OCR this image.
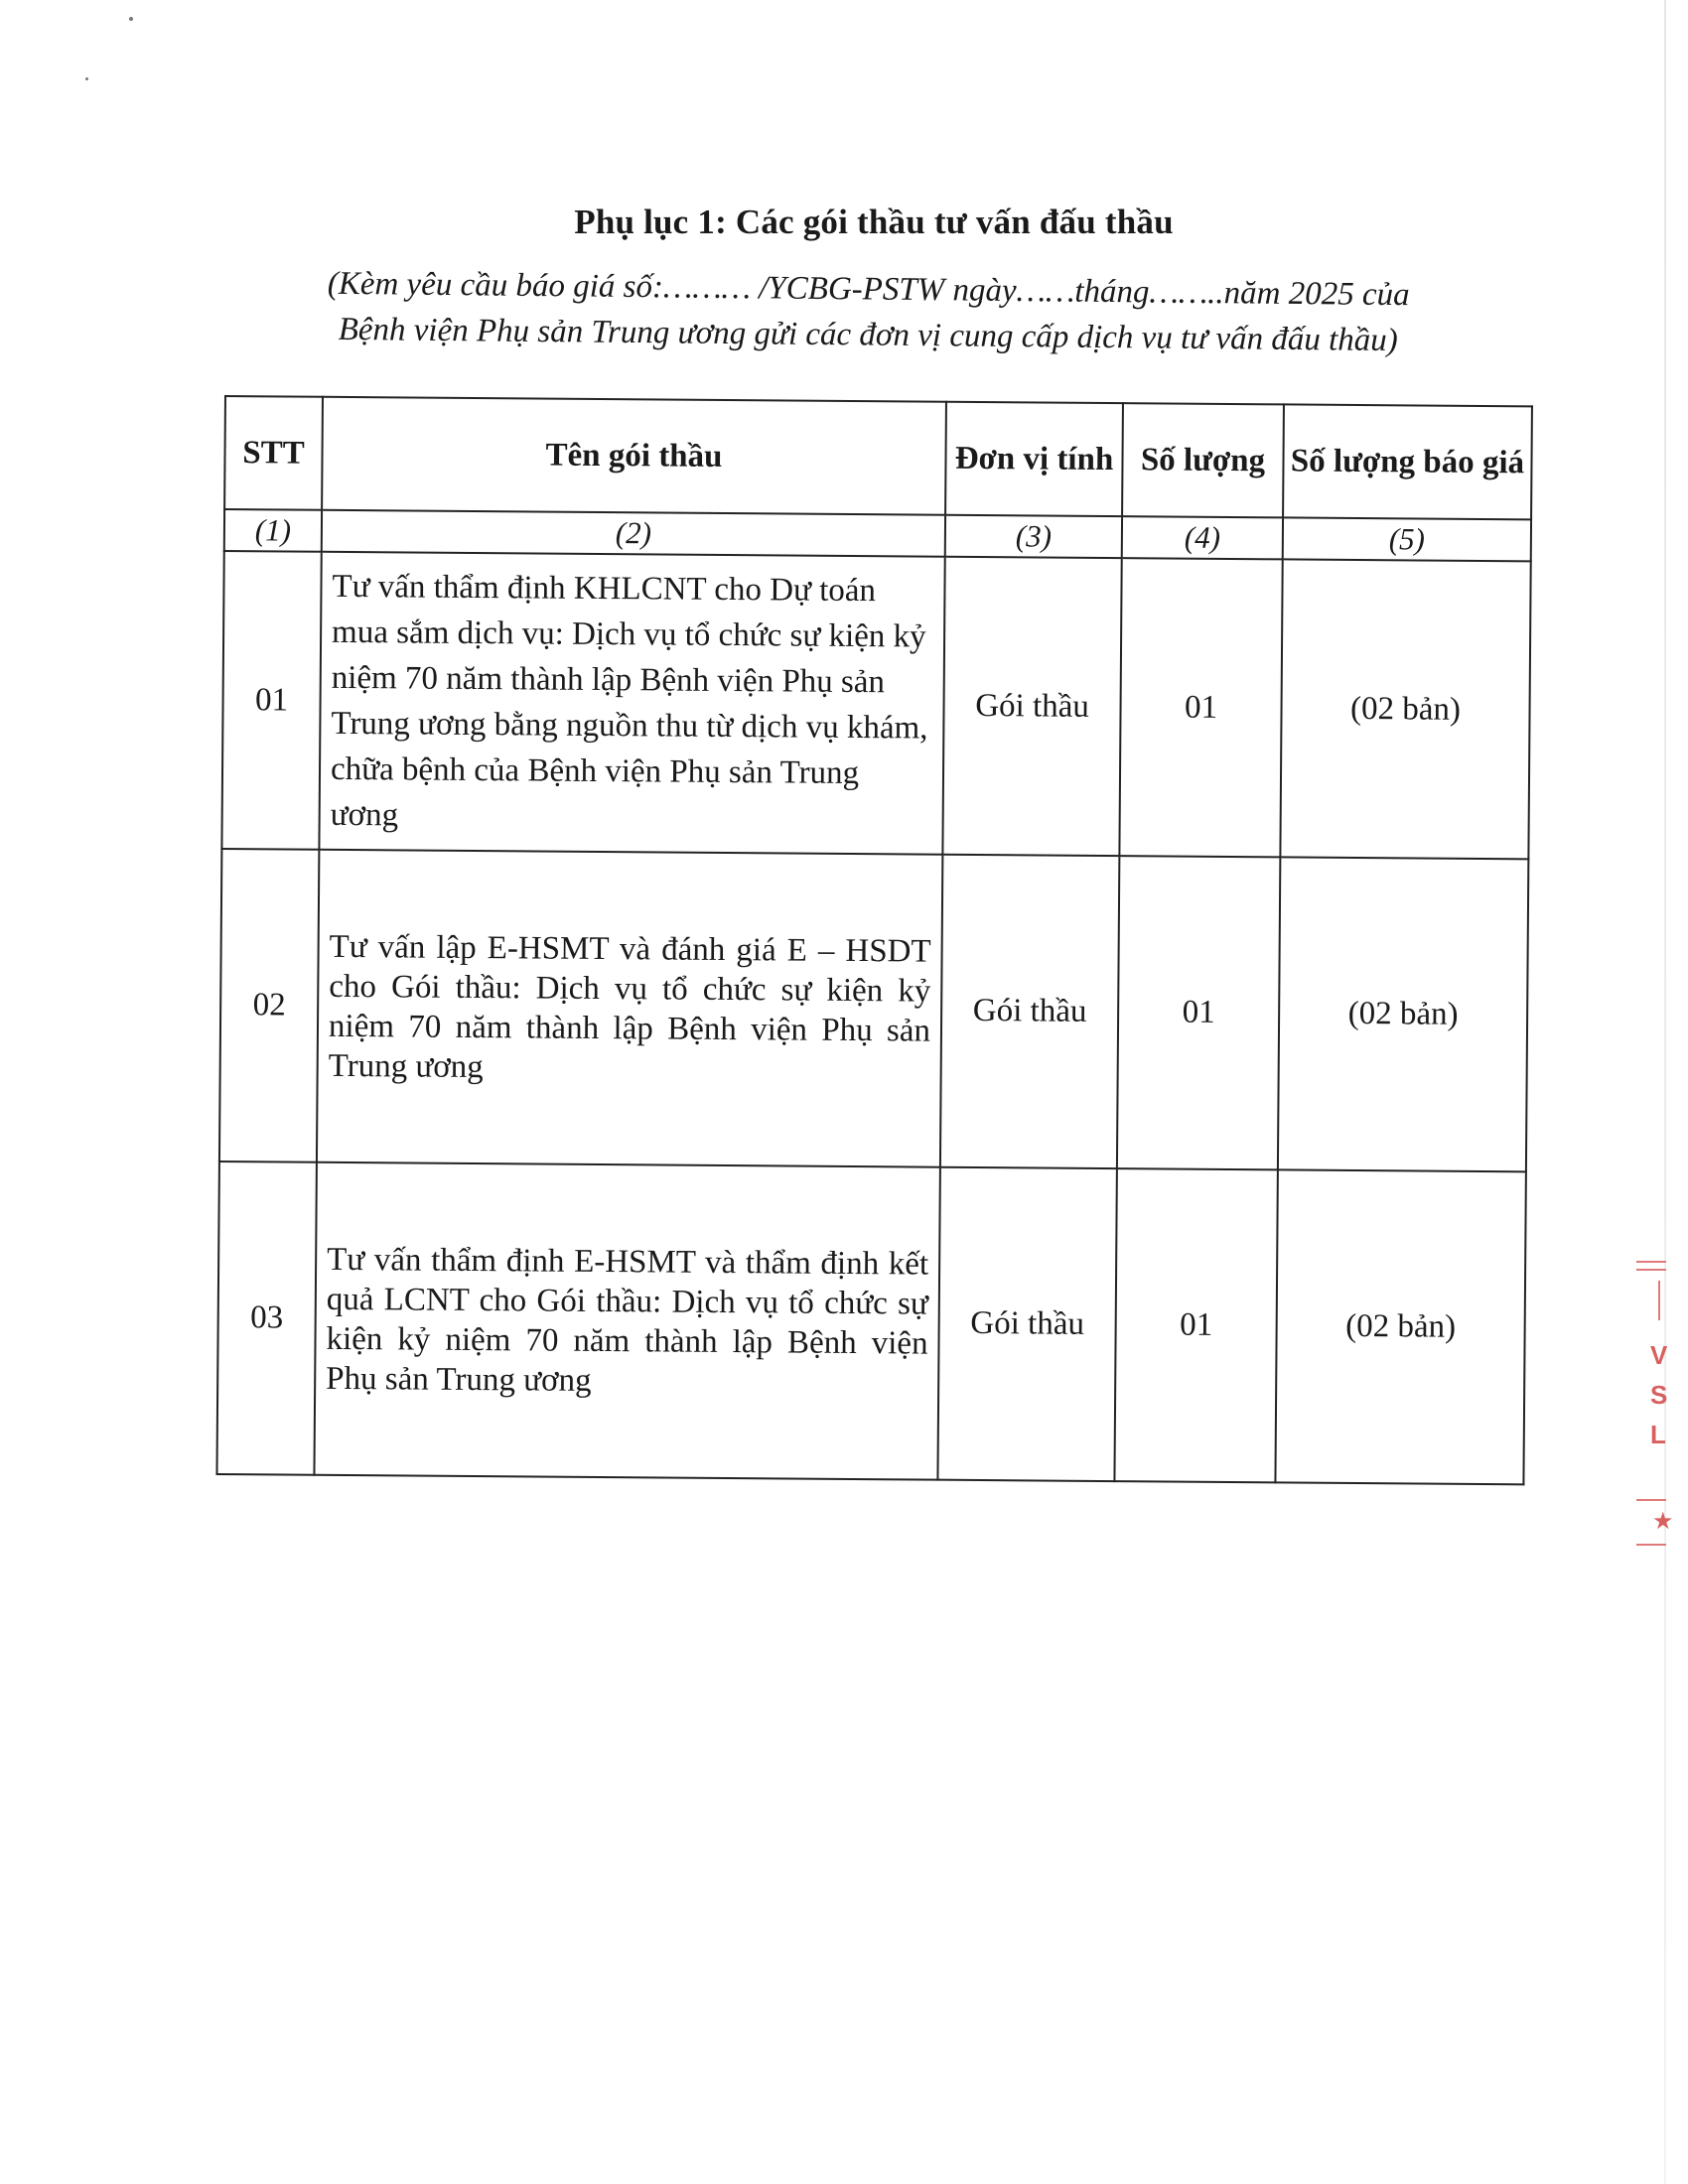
Phụ lục 1: Các gói thầu tư vấn đấu thầu
(Kèm yêu cầu báo giá số:……… /YCBG-PSTW ngày……tháng……..năm 2025 của
Bệnh viện Phụ sản Trung ương gửi các đơn vị cung cấp dịch vụ tư vấn đấu thầu)
STT	Tên gói thầu	Đơn vị tính	Số lượng	Số lượng báo giá
(1)	(2)	(3)	(4)	(5)
01	Tư vấn thẩm định KHLCNT cho Dự toán mua sắm dịch vụ: Dịch vụ tổ chức sự kiện kỷ niệm 70 năm thành lập Bệnh viện Phụ sản Trung ương bằng nguồn thu từ dịch vụ khám, chữa bệnh của Bệnh viện Phụ sản Trung ương	Gói thầu	01	(02 bản)
02	Tư vấn lập E-HSMT và đánh giá E – HSDT cho Gói thầu: Dịch vụ tổ chức sự kiện kỷ niệm 70 năm thành lập Bệnh viện Phụ sản Trung ương	Gói thầu	01	(02 bản)
03	Tư vấn thẩm định E-HSMT và thẩm định kết quả LCNT cho Gói thầu: Dịch vụ tổ chức sự kiện kỷ niệm 70 năm thành lập Bệnh viện Phụ sản Trung ương	Gói thầu	01	(02 bản)
V
S
L
★
